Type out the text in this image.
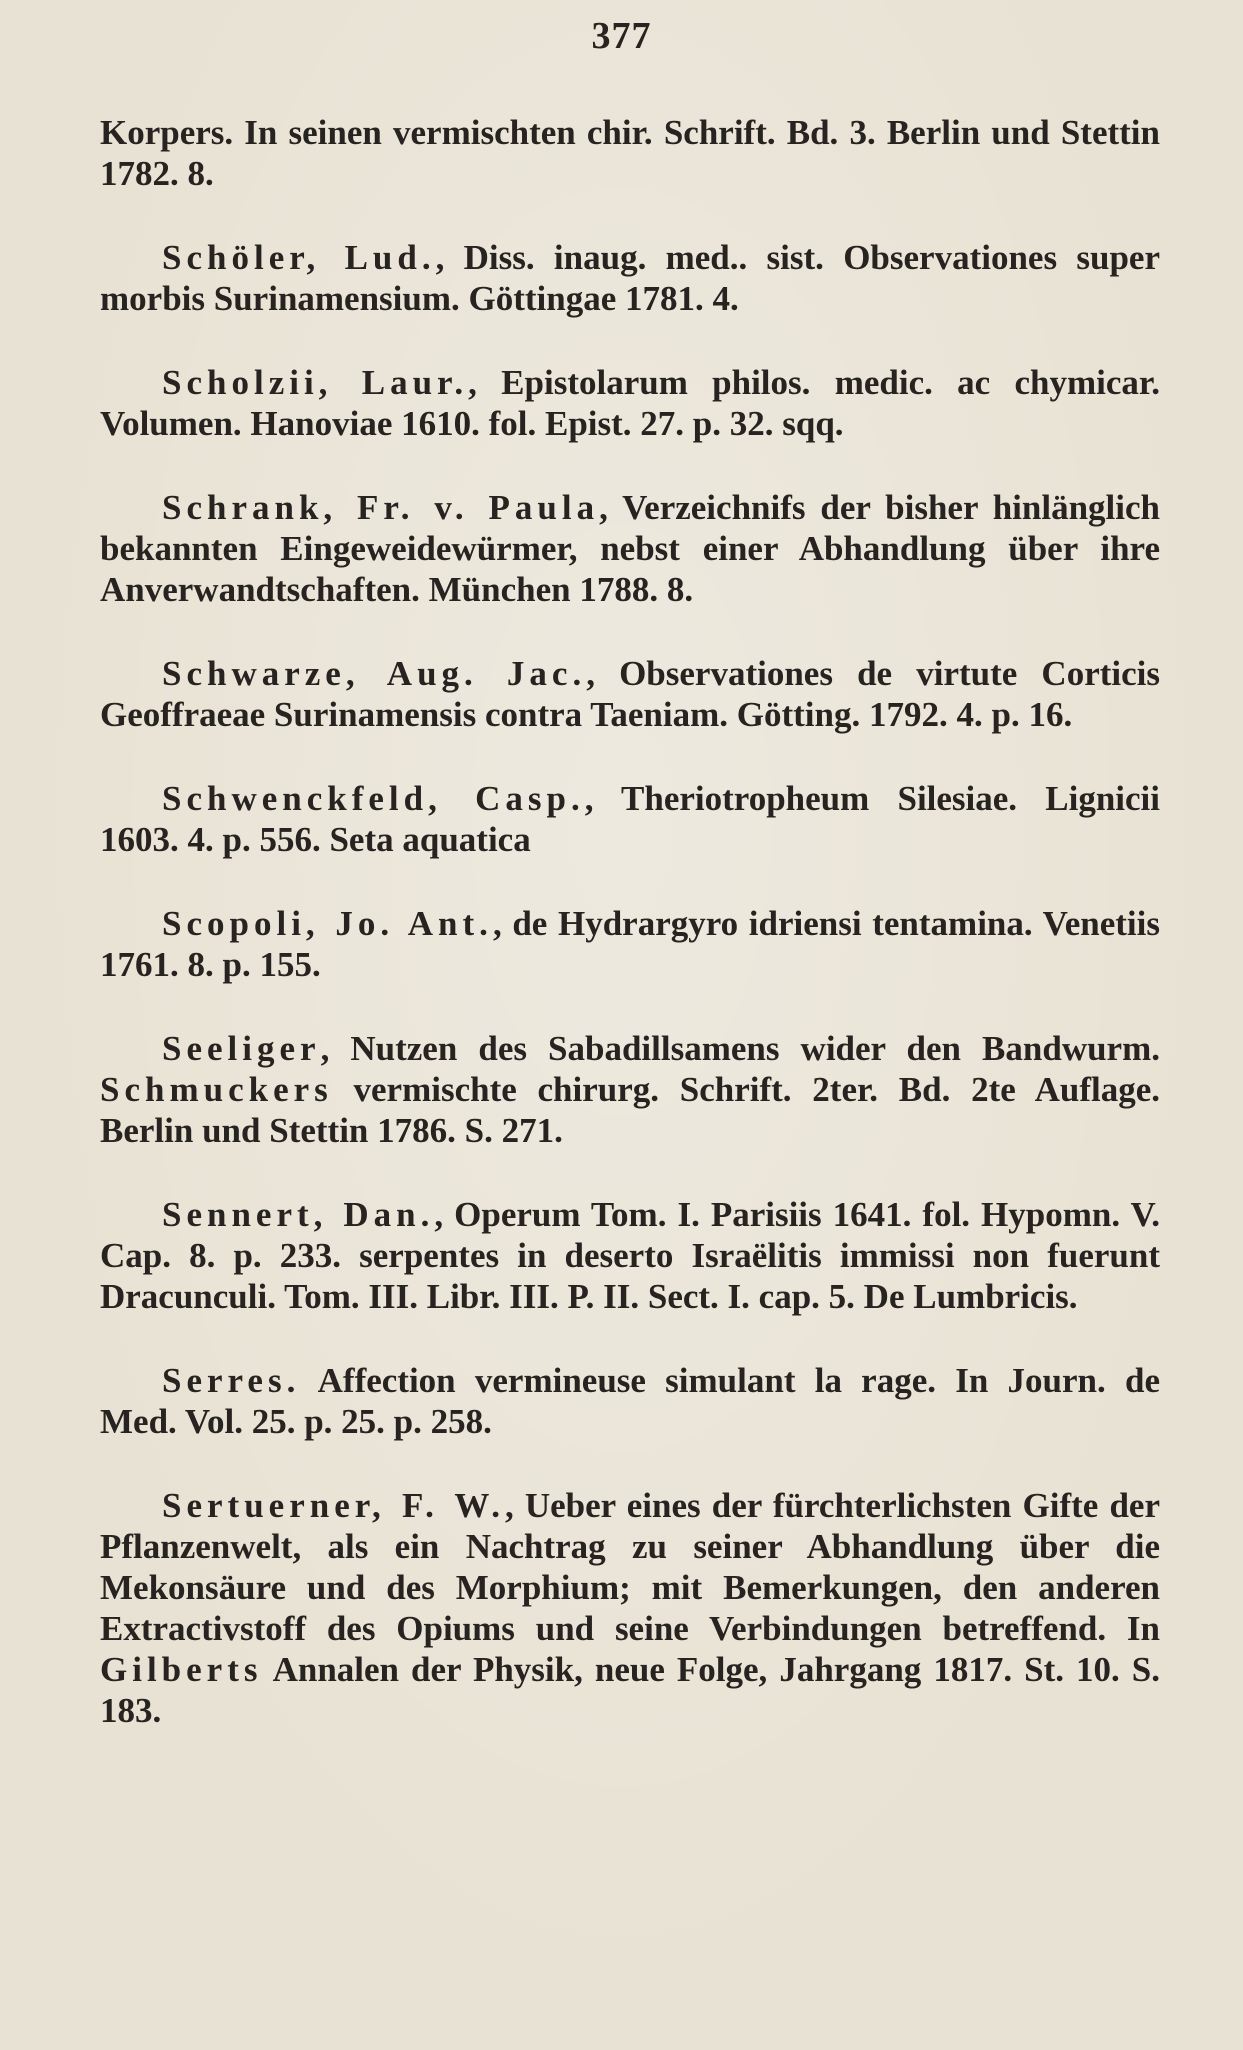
377

Korpers. In seinen vermischten chir. Schrift. Bd. 3. Berlin und Stettin 1782. 8.

Schöler, Lud., Diss. inaug. med.. sist. Observationes super morbis Surinamensium. Göttingae 1781. 4.

Scholzii, Laur., Epistolarum philos. medic. ac chymicar. Volumen. Hanoviae 1610. fol. Epist. 27. p. 32. sqq.

Schrank, Fr. v. Paula, Verzeichnifs der bisher hinlänglich bekannten Eingeweidewürmer, nebst einer Abhandlung über ihre Anverwandtschaften. München 1788. 8.

Schwarze, Aug. Jac., Observationes de virtute Corticis Geoffraeae Surinamensis contra Taeniam. Götting. 1792. 4. p. 16.

Schwenckfeld, Casp., Theriotropheum Silesiae. Lignicii 1603. 4. p. 556. Seta aquatica

Scopoli, Jo. Ant., de Hydrargyro idriensi tentamina. Venetiis 1761. 8. p. 155.

Seeliger, Nutzen des Sabadillsamens wider den Bandwurm. Schmuckers vermischte chirurg. Schrift. 2ter. Bd. 2te Auflage. Berlin und Stettin 1786. S. 271.

Sennert, Dan., Operum Tom. I. Parisiis 1641. fol. Hypomn. V. Cap. 8. p. 233. serpentes in deserto Israëlitis immissi non fuerunt Dracunculi. Tom. III. Libr. III. P. II. Sect. I. cap. 5. De Lumbricis.

Serres. Affection vermineuse simulant la rage. In Journ. de Med. Vol. 25. p. 25. p. 258.

Sertuerner, F. W., Ueber eines der fürchterlichsten Gifte der Pflanzenwelt, als ein Nachtrag zu seiner Abhandlung über die Mekonsäure und des Morphium; mit Bemerkungen, den anderen Extractivstoff des Opiums und seine Verbindungen betreffend. In Gilberts Annalen der Physik, neue Folge, Jahrgang 1817. St. 10. S. 183.
